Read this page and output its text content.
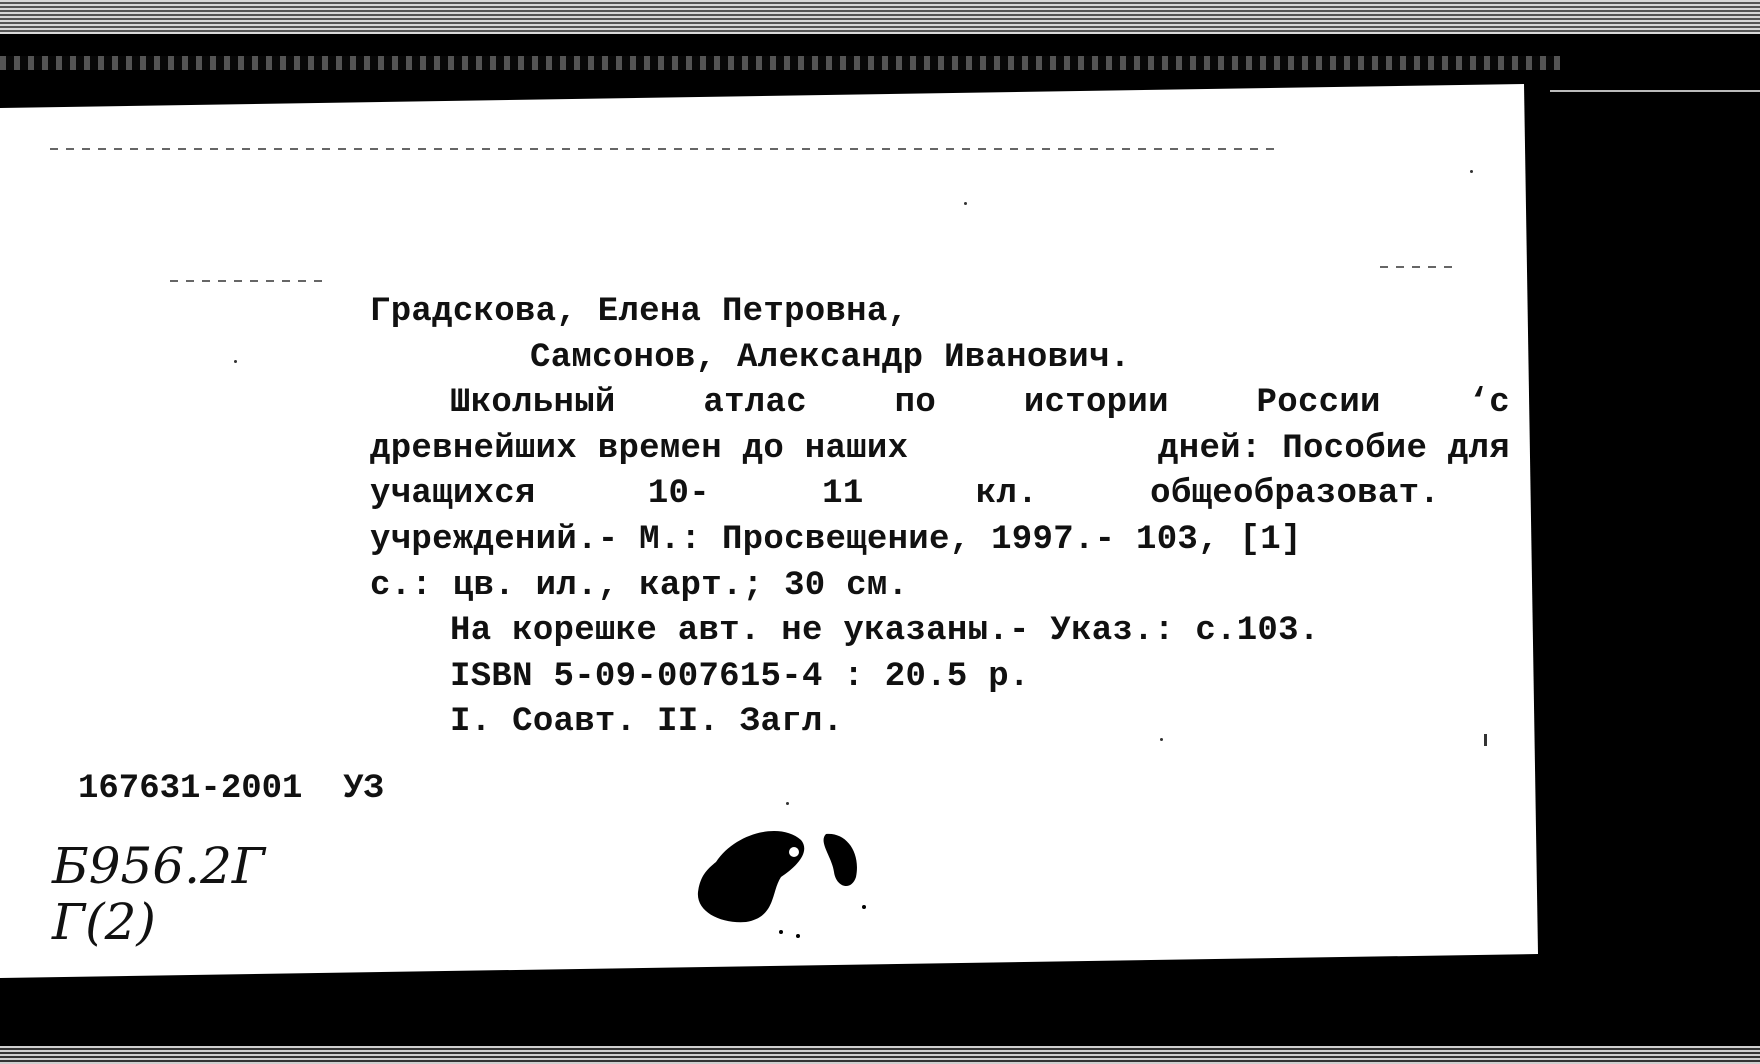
Градскова, Елена Петровна,
Самсонов, Александр Иванович.
Школьный	атлас	по	истории	России	‘с
древнейших времен до наших	дней: Пособие для
учащихся	10-	11	кл.	общеобразоват.
учреждений.- М.: Просвещение, 1997.- 103, [1]
с.: цв. ил., карт.; 30 см.
На корешке авт. не указаны.- Указ.: с.103.
ISBN 5-09-007615-4 : 20.5 р.
I. Соавт. II. Загл.
167631-2001 УЗ
Б956.2Г
Г(2)
